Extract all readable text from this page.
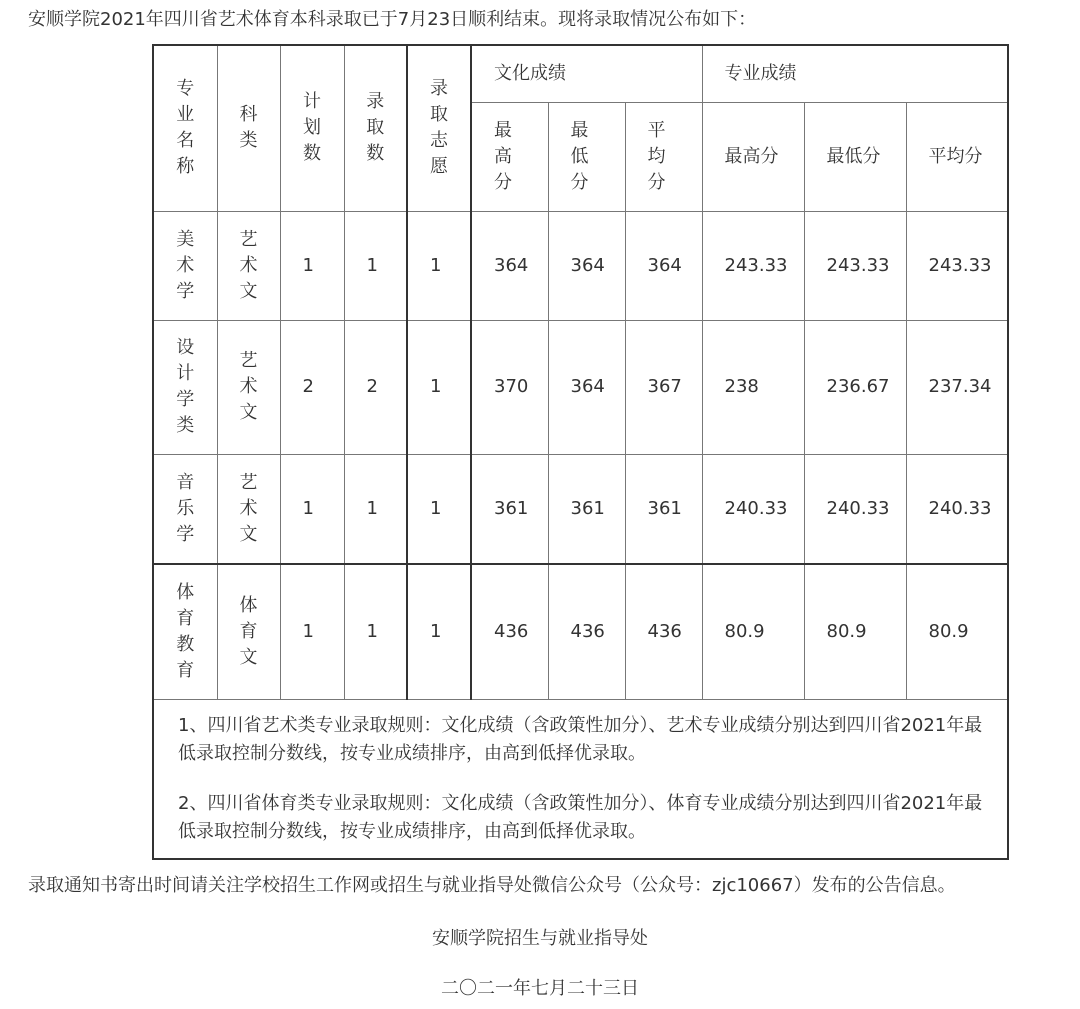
安顺学院2021年四川省艺术体育本科录取已于7月23日顺利结束。现将录取情况公布如下：
专业名称	科类	计划数	录取数	录取志愿	文化成绩			专业成绩		
					最高分	最低分	平均分	最高分	最低分	平均分
美术学	艺术文	1	1	1	364	364	364	243.33	243.33	243.33
设计学类	艺术文	2	2	1	370	364	367	238	236.67	237.34
音乐学	艺术文	1	1	1	361	361	361	240.33	240.33	240.33
体育教育	体育文	1	1	1	436	436	436	80.9	80.9	80.9

1、四川省艺术类专业录取规则：文化成绩（含政策性加分）、艺术专业成绩分别达到四川省2021年最低录取控制分数线，按专业成绩排序，由高到低择优录取。

2、四川省体育类专业录取规则：文化成绩（含政策性加分）、体育专业成绩分别达到四川省2021年最低录取控制分数线，按专业成绩排序，由高到低择优录取。										

录取通知书寄出时间请关注学校招生工作网或招生与就业指导处微信公众号（公众号：zjc10667）发布的公告信息。
安顺学院招生与就业指导处
二〇二一年七月二十三日
